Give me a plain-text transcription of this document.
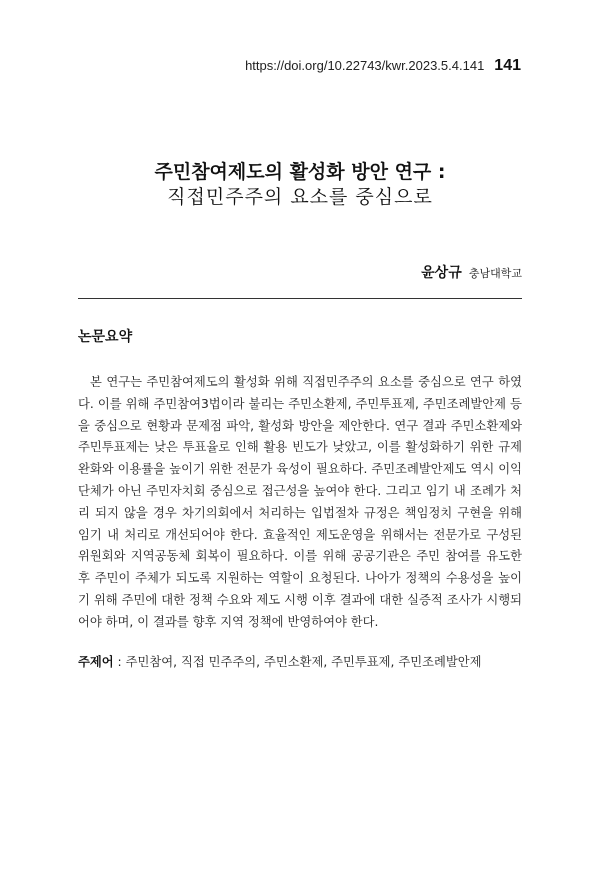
https://doi.org/10.22743/kwr.2023.5.4.141 141
주민참여제도의 활성화 방안 연구 :
직접민주주의 요소를 중심으로
윤상규 충남대학교
논문요약

본 연구는 주민참여제도의 활성화 위해 직접민주주의 요소를 중심으로 연구 하였다. 이를 위해 주민참여3법이라 불리는 주민소환제, 주민투표제, 주민조례발안제 등을 중심으로 현황과 문제점 파악, 활성화 방안을 제안한다. 연구 결과 주민소환제와 주민투표제는 낮은 투표율로 인해 활용 빈도가 낮았고, 이를 활성화하기 위한 규제 완화와 이용률을 높이기 위한 전문가 육성이 필요하다. 주민조례발안제도 역시 이익단체가 아닌 주민자치회 중심으로 접근성을 높여야 한다. 그리고 임기 내 조례가 처리 되지 않을 경우 차기의회에서 처리하는 입법절차 규정은 책임정치 구현을 위해 임기 내 처리로 개선되어야 한다. 효율적인 제도운영을 위해서는 전문가로 구성된 위원회와 지역공동체 회복이 필요하다. 이를 위해 공공기관은 주민 참여를 유도한 후 주민이 주체가 되도록 지원하는 역할이 요청된다. 나아가 정책의 수용성을 높이기 위해 주민에 대한 정책 수요와 제도 시행 이후 결과에 대한 실증적 조사가 시행되어야 하며, 이 결과를 향후 지역 정책에 반영하여야 한다.

주제어 : 주민참여, 직접 민주주의, 주민소환제, 주민투표제, 주민조례발안제
